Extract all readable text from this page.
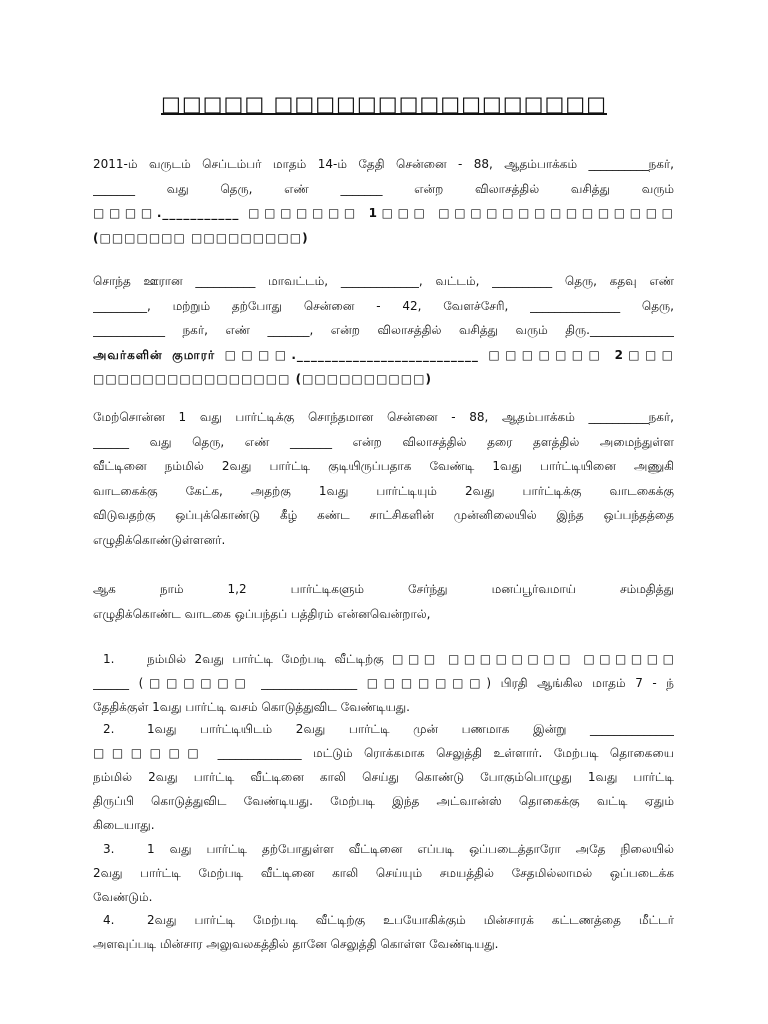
□□□□□ □□□□□□□□□□□□□□□□
2011-ம் வருடம் செப்டம்பர் மாதம் 14-ம் தேதி சென்னை - 88, ஆதம்பாக்கம் __________நகர்,
_______ வது தெரு, எண் _______ என்ற விலாசத்தில் வசித்து வரும்
□□□□.___________ □□□□□□□ 1□□□ □□□□□□□□□□□□□□□
(□□□□□□□ □□□□□□□□□)
சொந்த ஊரான __________ மாவட்டம், _____________, வட்டம், __________ தெரு, கதவு எண்
_________, மற்றும் தற்போது சென்னை - 42, வேளச்சேரி, _______________ தெரு,
____________ நகர், எண் _______, என்ற விலாசத்தில் வசித்து வரும் திரு.______________
அவர்களின் குமாரர் □□□□.__________________________ □□□□□□□ 2□□□
□□□□□□□□□□□□□□□□ (□□□□□□□□□□)
மேற்சொன்ன 1 வது பார்ட்டிக்கு சொந்தமான சென்னை - 88, ஆதம்பாக்கம் __________நகர்,
______ வது தெரு, எண் _______ என்ற விலாசத்தில் தரை தளத்தில் அமைந்துள்ள
வீட்டினை நம்மில் 2வது பார்ட்டி குடியிருப்பதாக வேண்டி 1வது பார்ட்டியினை அணுகி
வாடகைக்கு கேட்க, அதற்கு 1வது பார்ட்டியும் 2வது பார்ட்டிக்கு வாடகைக்கு
விடுவதற்கு ஒப்புக்கொண்டு கீழ் கண்ட சாட்சிகளின் முன்னிலையில் இந்த ஒப்பந்தத்தை
எழுதிக்கொண்டுள்ளனர்.
ஆக நாம் 1,2 பார்ட்டிகளும் சேர்ந்து மனப்பூர்வமாய் சம்மதித்து
எழுதிக்கொண்ட வாடகை ஒப்பந்தப் பத்திரம் என்னவென்றால்,
1.	நம்மில் 2வது பார்ட்டி மேற்படி வீட்டிற்கு □□□ □□□□□□□□ □□□□□□
______ (□□□□□□ ________________ □□□□□□□) பிரதி ஆங்கில மாதம் 7 - ந்
தேதிக்குள் 1வது பார்ட்டி வசம் கொடுத்துவிட வேண்டியது.
2.	1வது பார்ட்டியிடம் 2வது பார்ட்டி முன் பணமாக இன்று ______________
□□□□□□ ______________ மட்டும் ரொக்கமாக செலுத்தி உள்ளார். மேற்படி தொகையை
நம்மில் 2வது பார்ட்டி வீட்டினை காலி செய்து கொண்டு போகும்பொழுது 1வது பார்ட்டி
திருப்பி கொடுத்துவிட வேண்டியது. மேற்படி இந்த அட்வான்ஸ் தொகைக்கு வட்டி ஏதும்
கிடையாது.
3.	1 வது பார்ட்டி தற்போதுள்ள வீட்டினை எப்படி ஒப்படைத்தாரோ அதே நிலையில்
2வது பார்ட்டி மேற்படி வீட்டினை காலி செய்யும் சமயத்தில் சேதமில்லாமல் ஒப்படைக்க
வேண்டும்.
4.	2வது பார்ட்டி மேற்படி வீட்டிற்கு உபயோகிக்கும் மின்சாரக் கட்டணத்தை மீட்டர்
அளவுப்படி மின்சார அலுவலகத்தில் தானே செலுத்தி கொள்ள வேண்டியது.
